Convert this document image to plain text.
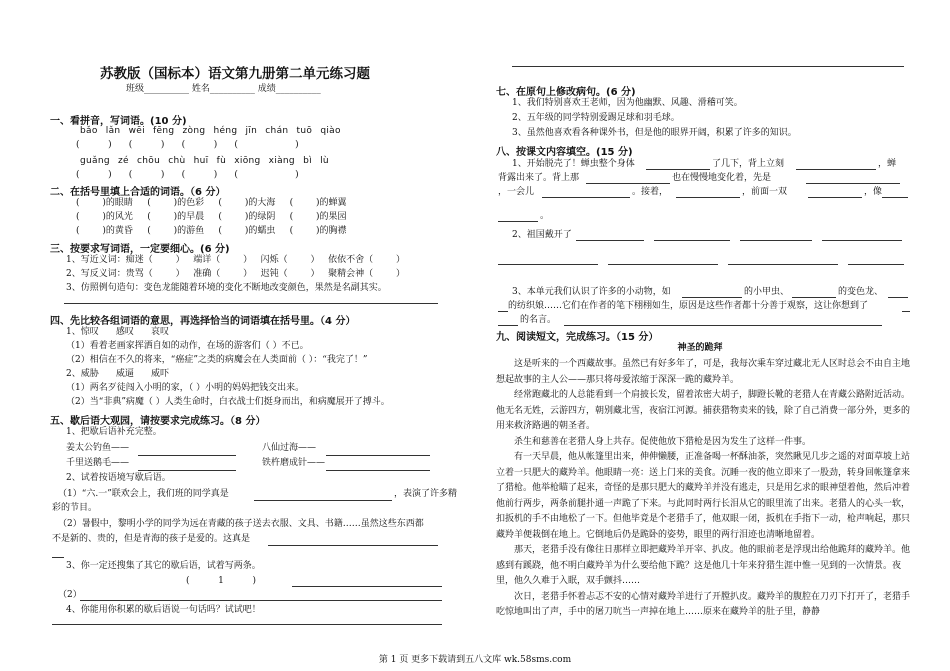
苏教版（国标本）语文第九册第二单元练习题
班级__________ 姓名__________ 成绩__________
一、看拼音，写词语。(10 分)
bǎo lǎn wēi fēng zòng héng jīn chán tuō qiào
(          )      (          )      (          )      (                    )
guǎng zé chōu chù huī fù xiōng xiàng bì lù
(          )      (          )      (          )      (                    )
二、在括号里填上合适的词语。（6 分）
(        )的眼睛     (        )的色彩     (        )的大海     (        )的蝉翼
(        )的风光     (        )的早晨     (        )的绿阴     (        )的果园
(        )的黄昏     (        )的游鱼     (        )的蠕虫     (        )的胸襟
三、按要求写词语，一定要细心。(6 分)
1、写近义词：痴迷（        ）   端详（        ）   闪烁（        ）   依依不舍（        ）
2、写反义词：贵骂（        ）   准确（        ）   迟钝（        ）   聚精会神（        ）
3、仿照例句造句：变色龙能随着环境的变化不断地改变颜色，果然是名副其实。
四、先比较各组词语的意思，再选择恰当的词语填在括号里。（4 分）
1、惊叹      感叹      哀叹
（1）看着老画家挥洒自如的动作，在场的游客们（ ）不已。
（2）相信在不久的将来，“癌症”之类的病魔会在人类面前（ ）：“我完了！”
2、威胁      威逼      威吓
（1）两名歹徒闯入小明的家，（ ）小明的妈妈把钱交出来。
（2）当“非典”病魔（ ）人类生命时，白衣战士们挺身而出，和病魔展开了搏斗。
五、歇后语大观园，请按要求完成练习。（8 分）
1、把歇后语补充完整。
姜太公钓鱼——	八仙过海——
千里送鹅毛——	铁杵磨成针——
2、试着按语境写歇后语。
（1）“六.一”联欢会上，我们班的同学真是	，表演了许多精
彩的节目。
（2）暑假中，黎明小学的同学为远在青藏的孩子送去衣服、文具、书籍……虽然这些东西都
不是新的、贵的，但是青海的孩子是爱的。这真是
3、你一定还搜集了其它的歇后语，试着写两条。
(          1          )
（2）
4、你能用你积累的歇后语说一句话吗？试试吧！
七、在原句上修改病句。(6 分)
1、我们特别喜欢王老师，因为他幽默、风趣、滑稽可笑。
2、五年级的同学特别爱踢足球和羽毛球。
3、虽然他喜欢看各种课外书，但是他的眼界开阔，积累了许多的知识。
八、按课文内容填空。(15 分)
1、开始脱壳了！蝉虫整个身体	了几下，背上立刻	，蝉
背露出来了。背上那	也在慢慢地变化着，先是
，一会儿	。接着，	，前面一双	，像
。
2、祖国戴开了
3、本单元我们认识了许多的小动物，如	的小甲虫、	的变色龙、
的纺织娘……它们在作者的笔下栩栩如生，原因是这些作者都十分善于观察，这让你想到了
的名言。
九、阅读短文，完成练习。（15 分）
神圣的跪拜
这是听来的一个西藏故事。虽然已有好多年了，可是，我每次乘车穿过藏北无人区时总会不由自主地想起故事的主人公——那只将母爱浓缩于深深一跪的藏羚羊。
经常跑藏北的人总能看到一个肩披长发，留着浓密大胡子，脚蹬长靴的老猎人在青藏公路附近活动。他无名无姓，云游四方，朝别藏北雪，夜宿江河源。捕获猎物卖来的钱，除了自己消费一部分外，更多的用来救济路遇的朝圣者。
杀生和慈善在老猎人身上共存。促使他放下猎枪是因为发生了这样一件事。
有一天早晨，他从帐篷里出来，伸伸懒腰，正准备喝一杯酥油茶，突然瞅见几步之遥的对面草坡上站立着一只肥大的藏羚羊。他眼睛一亮：送上门来的美食。沉睡一夜的他立即来了一股劲，转身回帐篷拿来了猎枪。他举枪瞄了起来，奇怪的是那只肥大的藏羚羊并没有逃走，只是用乞求的眼神望着他，然后冲着他前行两步，两条前腿扑通一声跪了下来。与此同时两行长泪从它的眼里流了出来。老猎人的心头一软，扣扳机的手不由地松了一下。但他毕竟是个老猎手了，他双眼一闭，扳机在手指下一动，枪声响起，那只藏羚羊便栽倒在地上。它倒地后仍是跪卧的姿势，眼里的两行泪迹也清晰地留着。
那天，老猎手没有像往日那样立即把藏羚羊开宰、扒皮。他的眼前老是浮现出给他跪拜的藏羚羊。他感到有蹊跷，他不明白藏羚羊为什么要给他下跪？这是他几十年来狩猎生涯中惟一见到的一次情景。夜里，他久久难于入眠，双手颤抖……
次日，老猎手怀着忐忑不安的心情对藏羚羊进行了开膛扒皮。藏羚羊的腹腔在刀刃下打开了，老猎手吃惊地叫出了声，手中的屠刀吭当一声掉在地上……原来在藏羚羊的肚子里，静静
第 1 页 更多下载请到五八文库 wk.58sms.com
